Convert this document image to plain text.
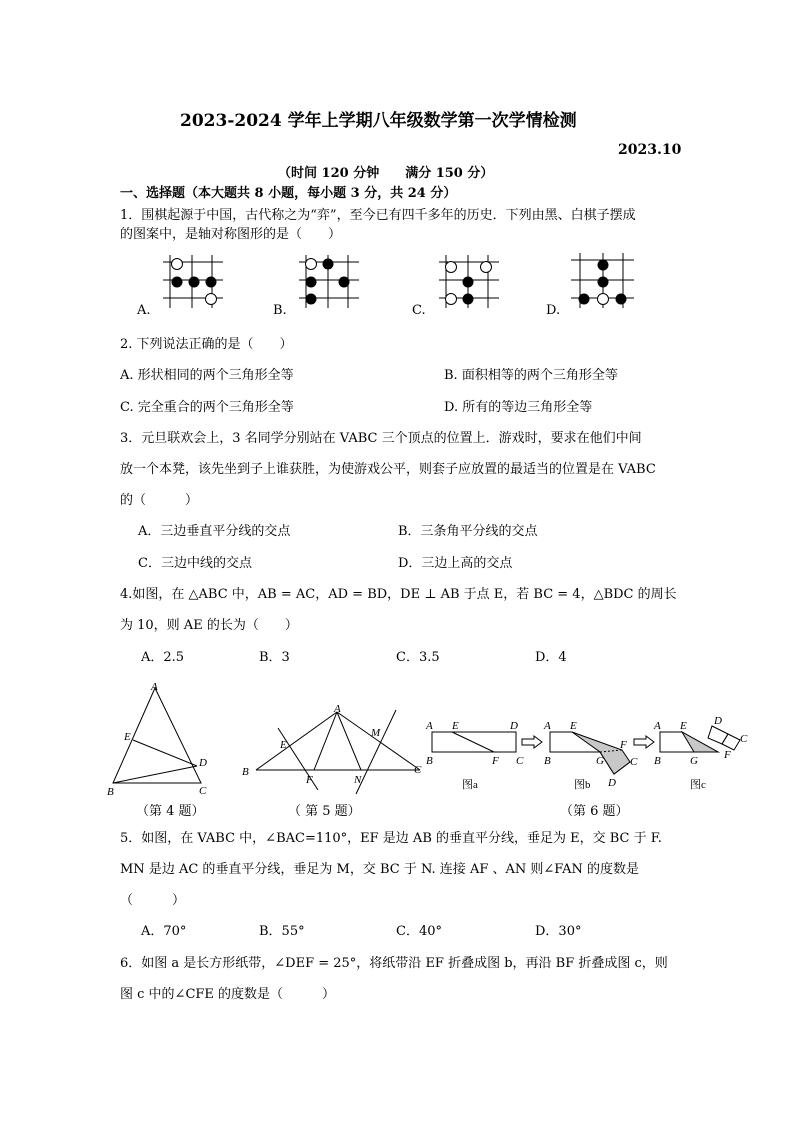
2023-2024 学年上学期八年级数学第一次学情检测
2023.10
（时间 120 分钟　　满分 150 分）
一、选择题（本大题共 8 小题，每小题 3 分，共 24 分）
1．围棋起源于中国，古代称之为“弈”，至今已有四千多年的历史．下列由黑、白棋子摆成
的图案中，是轴对称图形的是（　　）
A.	B.	C.	D.
2. 下列说法正确的是（　　）
A. 形状相同的两个三角形全等	B. 面积相等的两个三角形全等
C. 完全重合的两个三角形全等	D. 所有的等边三角形全等
3．元旦联欢会上，3 名同学分别站在 VABC 三个顶点的位置上．游戏时，要求在他们中间
放一个本凳，该先坐到子上谁获胜，为使游戏公平，则套子应放置的最适当的位置是在 VABC
的（　　　）
A．三边垂直平分线的交点	B．三条角平分线的交点
C．三边中线的交点	D．三边上高的交点
4.如图，在 △ABC 中，AB = AC，AD = BD，DE ⊥ AB 于点 E，若 BC = 4，△BDC 的周长
为 10，则 AE 的长为（　　）
A．2.5	B．3	C．3.5	D．4
A
E
D
B	C
（第 4 题）
A
E
M
B
F	N
C
（ 第 5 题）
A E	D
B	F C
A E
F
B	G C
D
A E D
C
B	G F
图a	图b	图c
（第 6 题）
5．如图，在 VABC 中，∠BAC=110°，EF 是边 AB 的垂直平分线，垂足为 E，交 BC 于 F.
MN 是边 AC 的垂直平分线，垂足为 M，交 BC 于 N. 连接 AF 、AN 则∠FAN 的度数是
（　　　）
A．70°	B．55°	C．40°	D．30°
6．如图 a 是长方形纸带，∠DEF = 25°，将纸带沿 EF 折叠成图 b，再沿 BF 折叠成图 c，则
图 c 中的∠CFE 的度数是（　　　）
